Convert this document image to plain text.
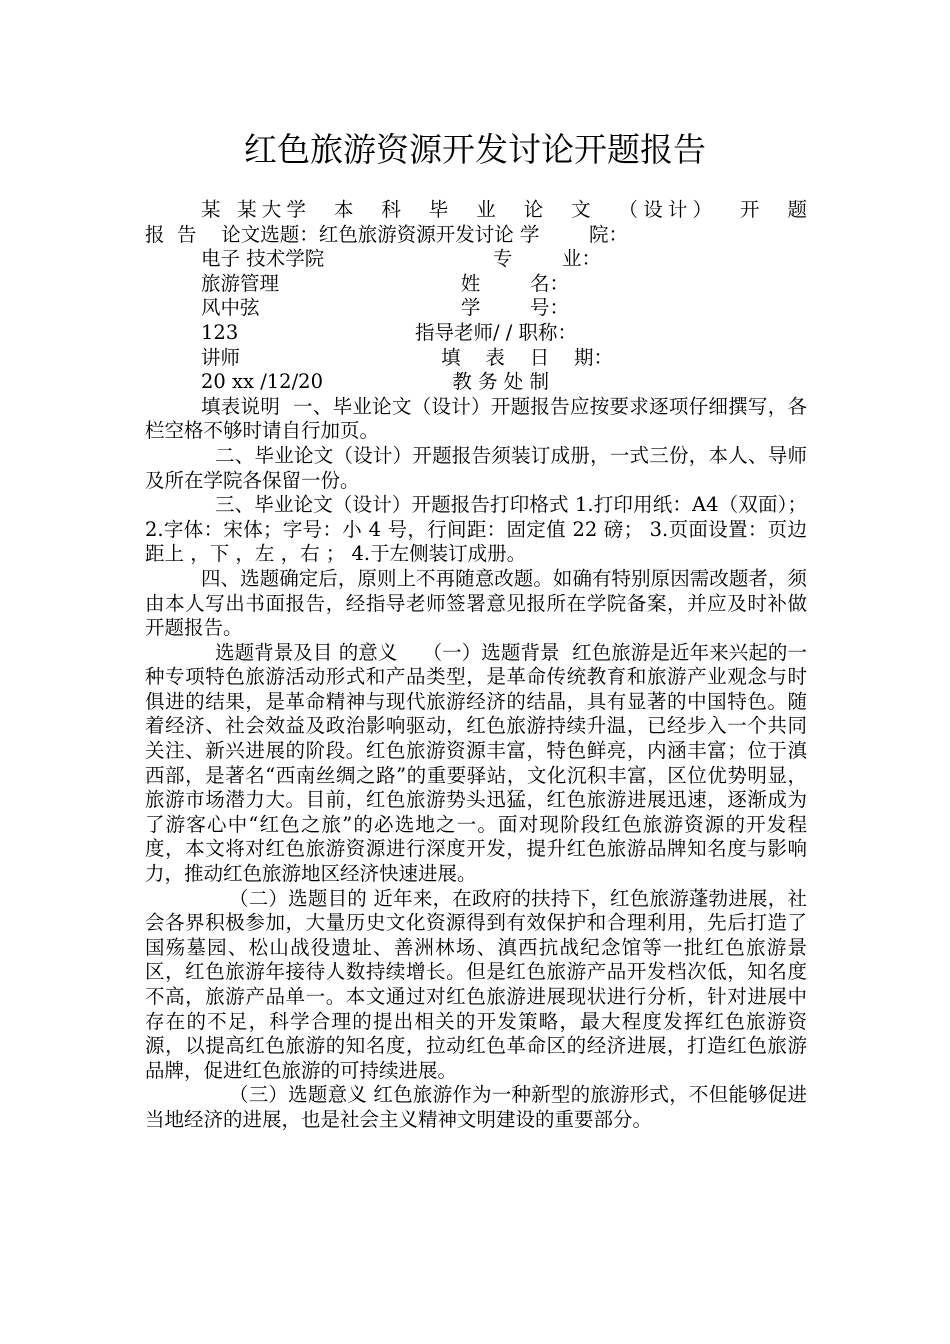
红色旅游资源开发讨论开题报告

某 某大学  本  科  毕  业  论  文  （设计）  开  题

报  告    论文选题：红色旅游资源开发讨论 学        院：

电子 技术学院	专        业：
旅游管理	姓        名：
风中弦	学        号：
123	指导老师/ / 职称：
讲师	填    表    日    期：
20 xx /12/20	教 务 处 制

填表说明  一、毕业论文（设计）开题报告应按要求逐项仔细撰写，各栏空格不够时请自行加页。

二、毕业论文（设计）开题报告须装订成册，一式三份，本人、导师及所在学院各保留一份。

三、毕业论文（设计）开题报告打印格式 1.打印用纸：A4（双面）； 2.字体：宋体；字号：小 4 号，行间距：固定值 22 磅； 3.页面设置：页边距上 ，下 ，左 ，右 ； 4.于左侧装订成册。

四、选题确定后，原则上不再随意改题。如确有特别原因需改题者，须由本人写出书面报告，经指导老师签署意见报所在学院备案，并应及时补做开题报告。

选题背景及目 的意义    （一）选题背景  红色旅游是近年来兴起的一种专项特色旅游活动形式和产品类型，是革命传统教育和旅游产业观念与时俱进的结果，是革命精神与现代旅游经济的结晶，具有显著的中国特色。随着经济、社会效益及政治影响驱动，红色旅游持续升温，已经步入一个共同关注、新兴进展的阶段。红色旅游资源丰富，特色鲜亮，内涵丰富；位于滇西部，是著名“西南丝绸之路”的重要驿站，文化沉积丰富，区位优势明显，旅游市场潜力大。目前，红色旅游势头迅猛，红色旅游进展迅速，逐渐成为了游客心中“红色之旅”的必选地之一。面对现阶段红色旅游资源的开发程度，本文将对红色旅游资源进行深度开发，提升红色旅游品牌知名度与影响力，推动红色旅游地区经济快速进展。

（二）选题目的 近年来，在政府的扶持下，红色旅游蓬勃进展，社会各界积极参加，大量历史文化资源得到有效保护和合理利用，先后打造了国殇墓园、松山战役遗址、善洲林场、滇西抗战纪念馆等一批红色旅游景区，红色旅游年接待人数持续增长。但是红色旅游产品开发档次低，知名度不高，旅游产品单一。本文通过对红色旅游进展现状进行分析，针对进展中存在的不足，科学合理的提出相关的开发策略，最大程度发挥红色旅游资源，以提高红色旅游的知名度，拉动红色革命区的经济进展，打造红色旅游品牌，促进红色旅游的可持续进展。

（三）选题意义 红色旅游作为一种新型的旅游形式，不但能够促进当地经济的进展，也是社会主义精神文明建设的重要部分。
